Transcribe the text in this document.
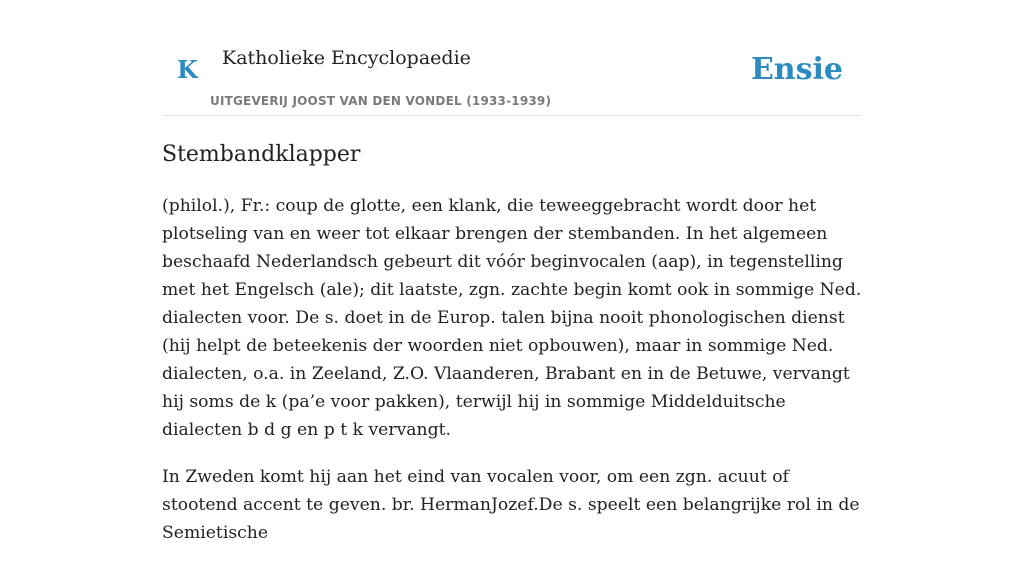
K Katholieke Encyclopaedie
UITGEVERIJ JOOST VAN DEN VONDEL (1933-1939)
Ensie
Stembandklapper

(philol.), Fr.: coup de glotte, een klank, die teweeggebracht wordt door het plotseling van en weer tot elkaar brengen der stembanden. In het algemeen beschaafd Nederlandsch gebeurt dit vóór beginvocalen (aap), in tegenstelling met het Engelsch (ale); dit laatste, zgn. zachte begin komt ook in sommige Ned. dialecten voor. De s. doet in de Europ. talen bijna nooit phonologischen dienst (hij helpt de beteekenis der woorden niet opbouwen), maar in sommige Ned. dialecten, o.a. in Zeeland, Z.O. Vlaanderen, Brabant en in de Betuwe, vervangt hij soms de k (pa’e voor pakken), terwijl hij in sommige Middelduitsche dialecten b d g en p t k vervangt.

In Zweden komt hij aan het eind van vocalen voor, om een zgn. acuut of stootend accent te geven. br. HermanJozef.De s. speelt een belangrijke rol in de Semietische
